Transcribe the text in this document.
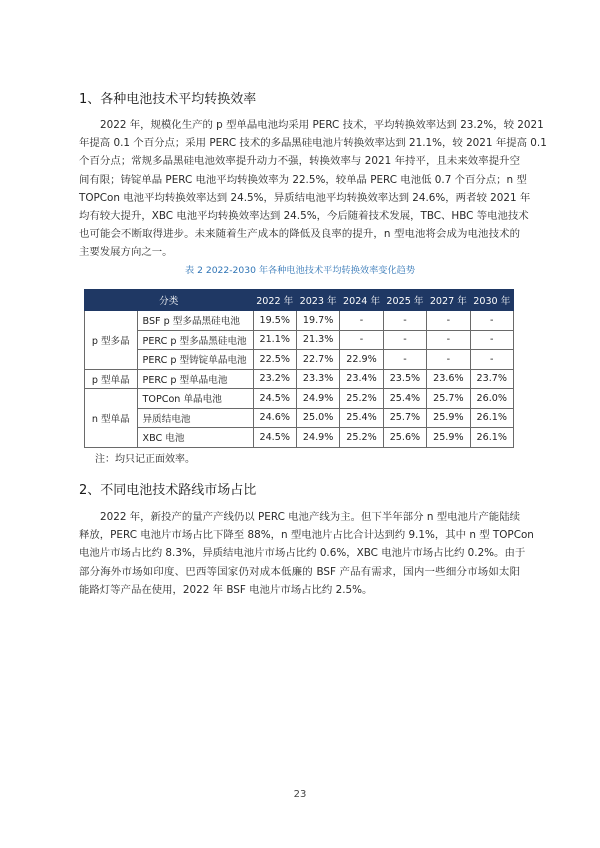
1、各种电池技术平均转换效率
2022 年，规模化生产的 p 型单晶电池均采用 PERC 技术，平均转换效率达到 23.2%，较 2021
年提高 0.1 个百分点；采用 PERC 技术的多晶黑硅电池片转换效率达到 21.1%，较 2021 年提高 0.1
个百分点；常规多晶黑硅电池效率提升动力不强，转换效率与 2021 年持平，且未来效率提升空
间有限；铸锭单晶 PERC 电池平均转换效率为 22.5%，较单晶 PERC 电池低 0.7 个百分点；n 型
TOPCon 电池平均转换效率达到 24.5%，异质结电池平均转换效率达到 24.6%，两者较 2021 年
均有较大提升，XBC 电池平均转换效率达到 24.5%，今后随着技术发展，TBC、HBC 等电池技术
也可能会不断取得进步。未来随着生产成本的降低及良率的提升，n 型电池将会成为电池技术的
主要发展方向之一。
表 2 2022-2030 年各种电池技术平均转换效率变化趋势
分类		2022 年	2023 年	2024 年	2025 年	2027 年	2030 年
p 型多晶	BSF p 型多晶黑硅电池	19.5%	19.7%	-	-	-	-
	PERC p 型多晶黑硅电池	21.1%	21.3%	-	-	-	-
	PERC p 型铸锭单晶电池	22.5%	22.7%	22.9%	-	-	-
p 型单晶	PERC p 型单晶电池	23.2%	23.3%	23.4%	23.5%	23.6%	23.7%
n 型单晶	TOPCon 单晶电池	24.5%	24.9%	25.2%	25.4%	25.7%	26.0%
	异质结电池	24.6%	25.0%	25.4%	25.7%	25.9%	26.1%
	XBC 电池	24.5%	24.9%	25.2%	25.6%	25.9%	26.1%
注：均只记正面效率。
2、不同电池技术路线市场占比
2022 年，新投产的量产产线仍以 PERC 电池产线为主。但下半年部分 n 型电池片产能陆续
释放，PERC 电池片市场占比下降至 88%，n 型电池片占比合计达到约 9.1%，其中 n 型 TOPCon
电池片市场占比约 8.3%，异质结电池片市场占比约 0.6%，XBC 电池片市场占比约 0.2%。由于
部分海外市场如印度、巴西等国家仍对成本低廉的 BSF 产品有需求，国内一些细分市场如太阳
能路灯等产品在使用，2022 年 BSF 电池片市场占比约 2.5%。
23
